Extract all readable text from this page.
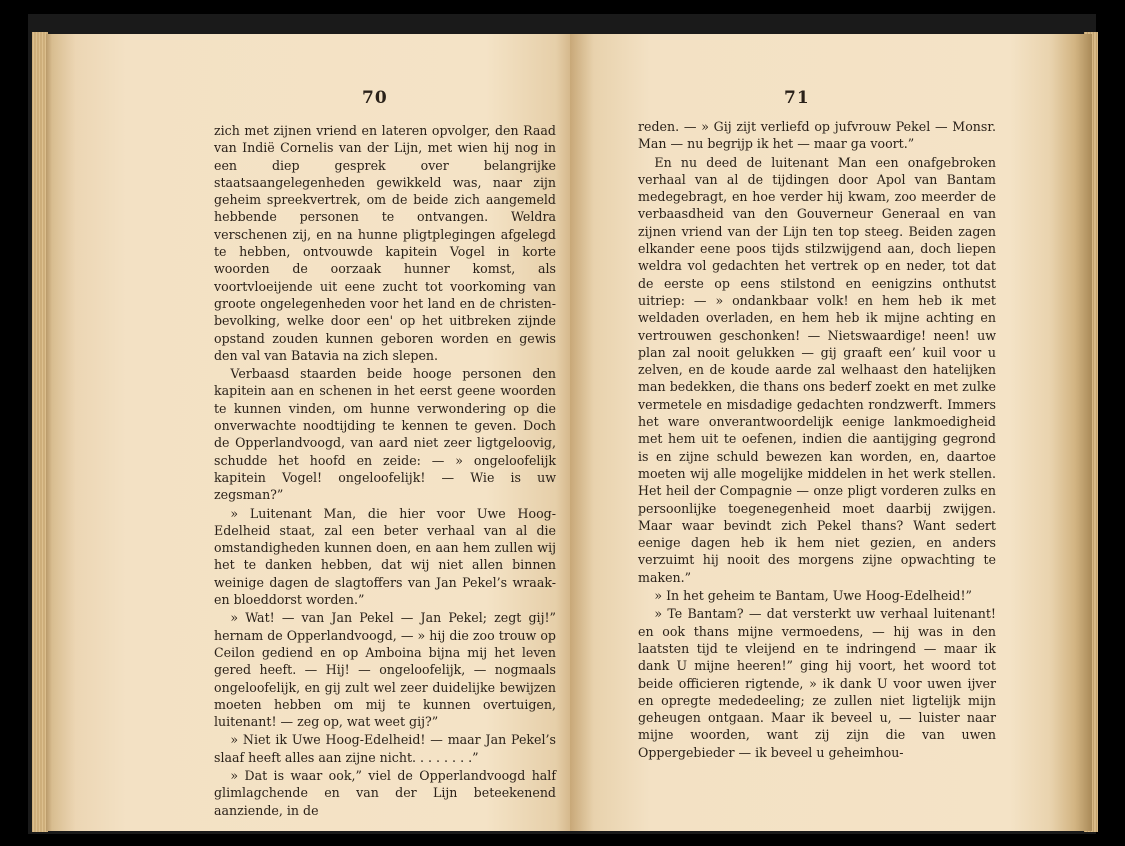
70

zich met zijnen vriend en lateren opvolger, den Raad van Indië Cornelis van der Lijn, met wien hij nog in een diep gesprek over belangrijke staatsaangelegenheden gewikkeld was, naar zijn geheim spreekvertrek, om de beide zich aangemeld hebbende personen te ontvangen. Weldra verschenen zij, en na hunne pligtplegingen afgelegd te hebben, ontvouwde kapitein Vogel in korte woorden de oorzaak hunner komst, als voortvloeijende uit eene zucht tot voorkoming van groote ongelegenheden voor het land en de christen-bevolking, welke door een' op het uitbreken zijnde opstand zouden kunnen geboren worden en gewis den val van Batavia na zich slepen.

Verbaasd staarden beide hooge personen den kapitein aan en schenen in het eerst geene woorden te kunnen vinden, om hunne verwondering op die onverwachte noodtijding te kennen te geven. Doch de Opperlandvoogd, van aard niet zeer ligtgeloovig, schudde het hoofd en zeide: — » ongeloofelijk kapitein Vogel! ongeloofelijk! — Wie is uw zegsman?”

» Luitenant Man, die hier voor Uwe Hoog-Edelheid staat, zal een beter verhaal van al die omstandigheden kunnen doen, en aan hem zullen wij het te danken hebben, dat wij niet allen binnen weinige dagen de slagtoffers van Jan Pekel’s wraak- en bloeddorst worden.”

» Wat! — van Jan Pekel — Jan Pekel; zegt gij!” hernam de Opperlandvoogd, — » hij die zoo trouw op Ceilon gediend en op Amboina bijna mij het leven gered heeft. — Hij! — ongeloofelijk, — nogmaals ongeloofelijk, en gij zult wel zeer duidelijke bewijzen moeten hebben om mij te kunnen overtuigen, luitenant! — zeg op, wat weet gij?”

» Niet ik Uwe Hoog-Edelheid! — maar Jan Pekel’s slaaf heeft alles aan zijne nicht. . . . . . . .”

» Dat is waar ook,” viel de Opperlandvoogd half glimlagchende en van der Lijn beteekenend aanziende, in de

71

reden. — » Gij zijt verliefd op jufvrouw Pekel — Monsr. Man — nu begrijp ik het — maar ga voort.”

En nu deed de luitenant Man een onafgebroken verhaal van al de tijdingen door Apol van Bantam medegebragt, en hoe verder hij kwam, zoo meerder de verbaasdheid van den Gouverneur Generaal en van zijnen vriend van der Lijn ten top steeg. Beiden zagen elkander eene poos tijds stilzwijgend aan, doch liepen weldra vol gedachten het vertrek op en neder, tot dat de eerste op eens stilstond en eenigzins onthutst uitriep: — » ondankbaar volk! en hem heb ik met weldaden overladen, en hem heb ik mijne achting en vertrouwen geschonken! — Nietswaardige! neen! uw plan zal nooit gelukken — gij graaft een’ kuil voor u zelven, en de koude aarde zal welhaast den hatelijken man bedekken, die thans ons bederf zoekt en met zulke vermetele en misdadige gedachten rondzwerft. Immers het ware onverantwoordelijk eenige lankmoedigheid met hem uit te oefenen, indien die aantijging gegrond is en zijne schuld bewezen kan worden, en, daartoe moeten wij alle mogelijke middelen in het werk stellen. Het heil der Compagnie — onze pligt vorderen zulks en persoonlijke toegenegenheid moet daarbij zwijgen. Maar waar bevindt zich Pekel thans? Want sedert eenige dagen heb ik hem niet gezien, en anders verzuimt hij nooit des morgens zijne opwachting te maken.”

» In het geheim te Bantam, Uwe Hoog-Edelheid!”

» Te Bantam? — dat versterkt uw verhaal luitenant! en ook thans mijne vermoedens, — hij was in den laatsten tijd te vleijend en te indringend — maar ik dank U mijne heeren!” ging hij voort, het woord tot beide officieren rigtende, » ik dank U voor uwen ijver en opregte mededeeling; ze zullen niet ligtelijk mijn geheugen ontgaan. Maar ik beveel u, — luister naar mijne woorden, want zij zijn die van uwen Oppergebieder — ik beveel u geheimhou-
